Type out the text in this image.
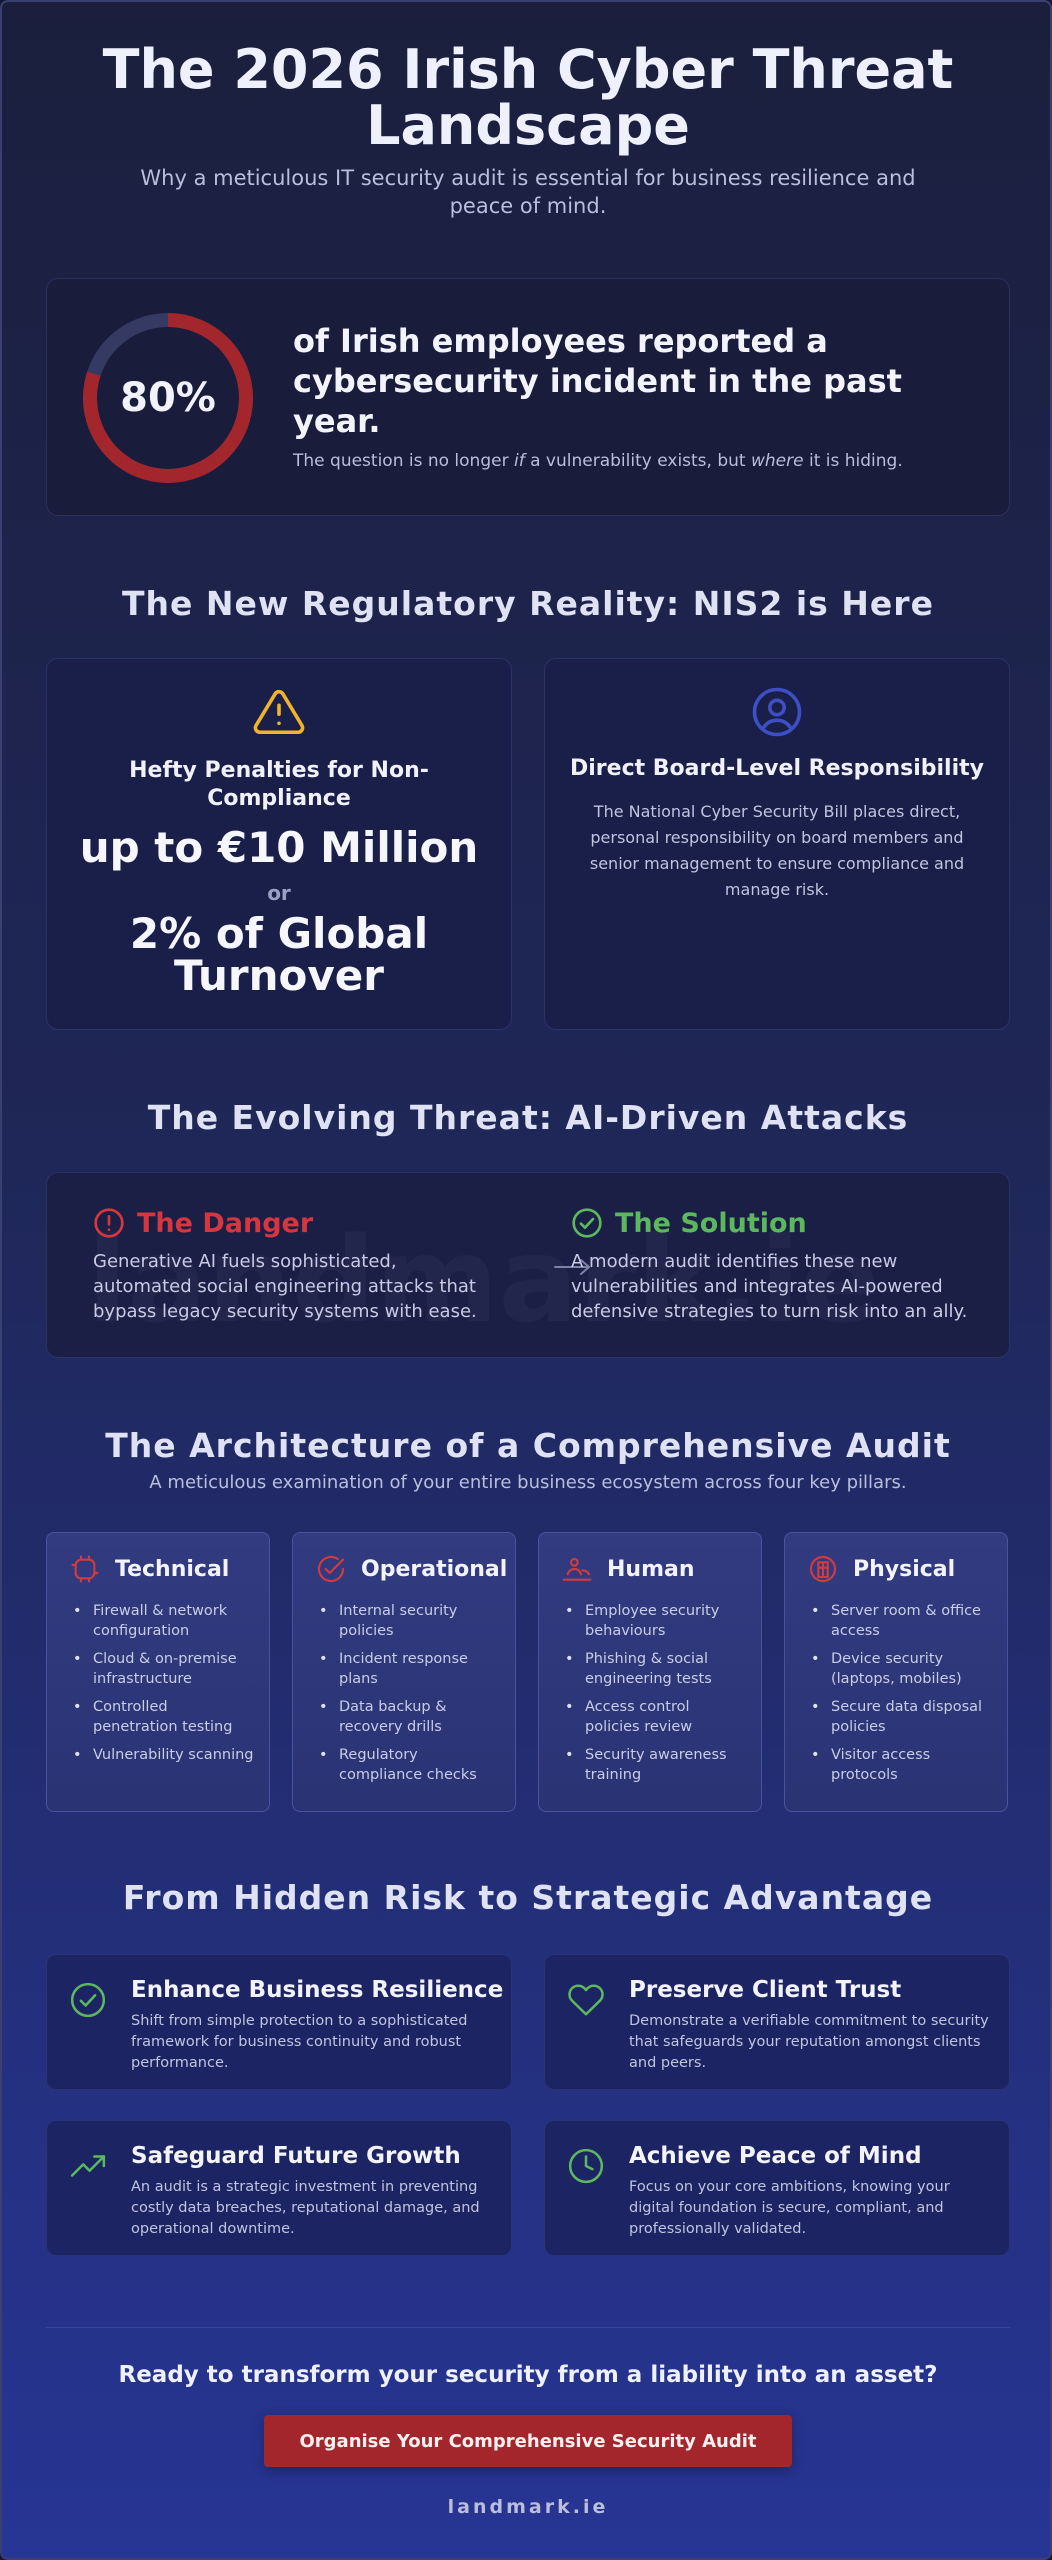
The 2026 Irish Cyber Threat Landscape

Why a meticulous IT security audit is essential for business resilience and peace of mind.

80%
of Irish employees reported a cybersecurity incident in the past year.
The question is no longer if a vulnerability exists, but where it is hiding.
The New Regulatory Reality: NIS2 is Here
Hefty Penalties for Non-Compliance
up to €10 Million
or
2% of Global Turnover
Direct Board-Level Responsibility
The National Cyber Security Bill places direct, personal responsibility on board members and senior management to ensure compliance and manage risk.
The Evolving Threat: AI-Driven Attacks
The Danger
Generative AI fuels sophisticated, automated social engineering attacks that bypass legacy security systems with ease.
The Solution
A modern audit identifies these new vulnerabilities and integrates AI-powered defensive strategies to turn risk into an ally.
The Architecture of a Comprehensive Audit

A meticulous examination of your entire business ecosystem across four key pillars.

Technical
• Firewall & network configuration
• Cloud & on-premise infrastructure
• Controlled penetration testing
• Vulnerability scanning
Operational
• Internal security policies
• Incident response plans
• Data backup & recovery drills
• Regulatory compliance checks
Human
• Employee security behaviours
• Phishing & social engineering tests
• Access control policies review
• Security awareness training
Physical
• Server room & office access
• Device security (laptops, mobiles)
• Secure data disposal policies
• Visitor access protocols
From Hidden Risk to Strategic Advantage
Enhance Business Resilience
Shift from simple protection to a sophisticated framework for business continuity and robust performance.
Preserve Client Trust
Demonstrate a verifiable commitment to security that safeguards your reputation amongst clients and peers.
Safeguard Future Growth
An audit is a strategic investment in preventing costly data breaches, reputational damage, and operational downtime.
Achieve Peace of Mind
Focus on your core ambitions, knowing your digital foundation is secure, compliant, and professionally validated.
Ready to transform your security from a liability into an asset?
Organise Your Comprehensive Security Audit
landmark.ie
